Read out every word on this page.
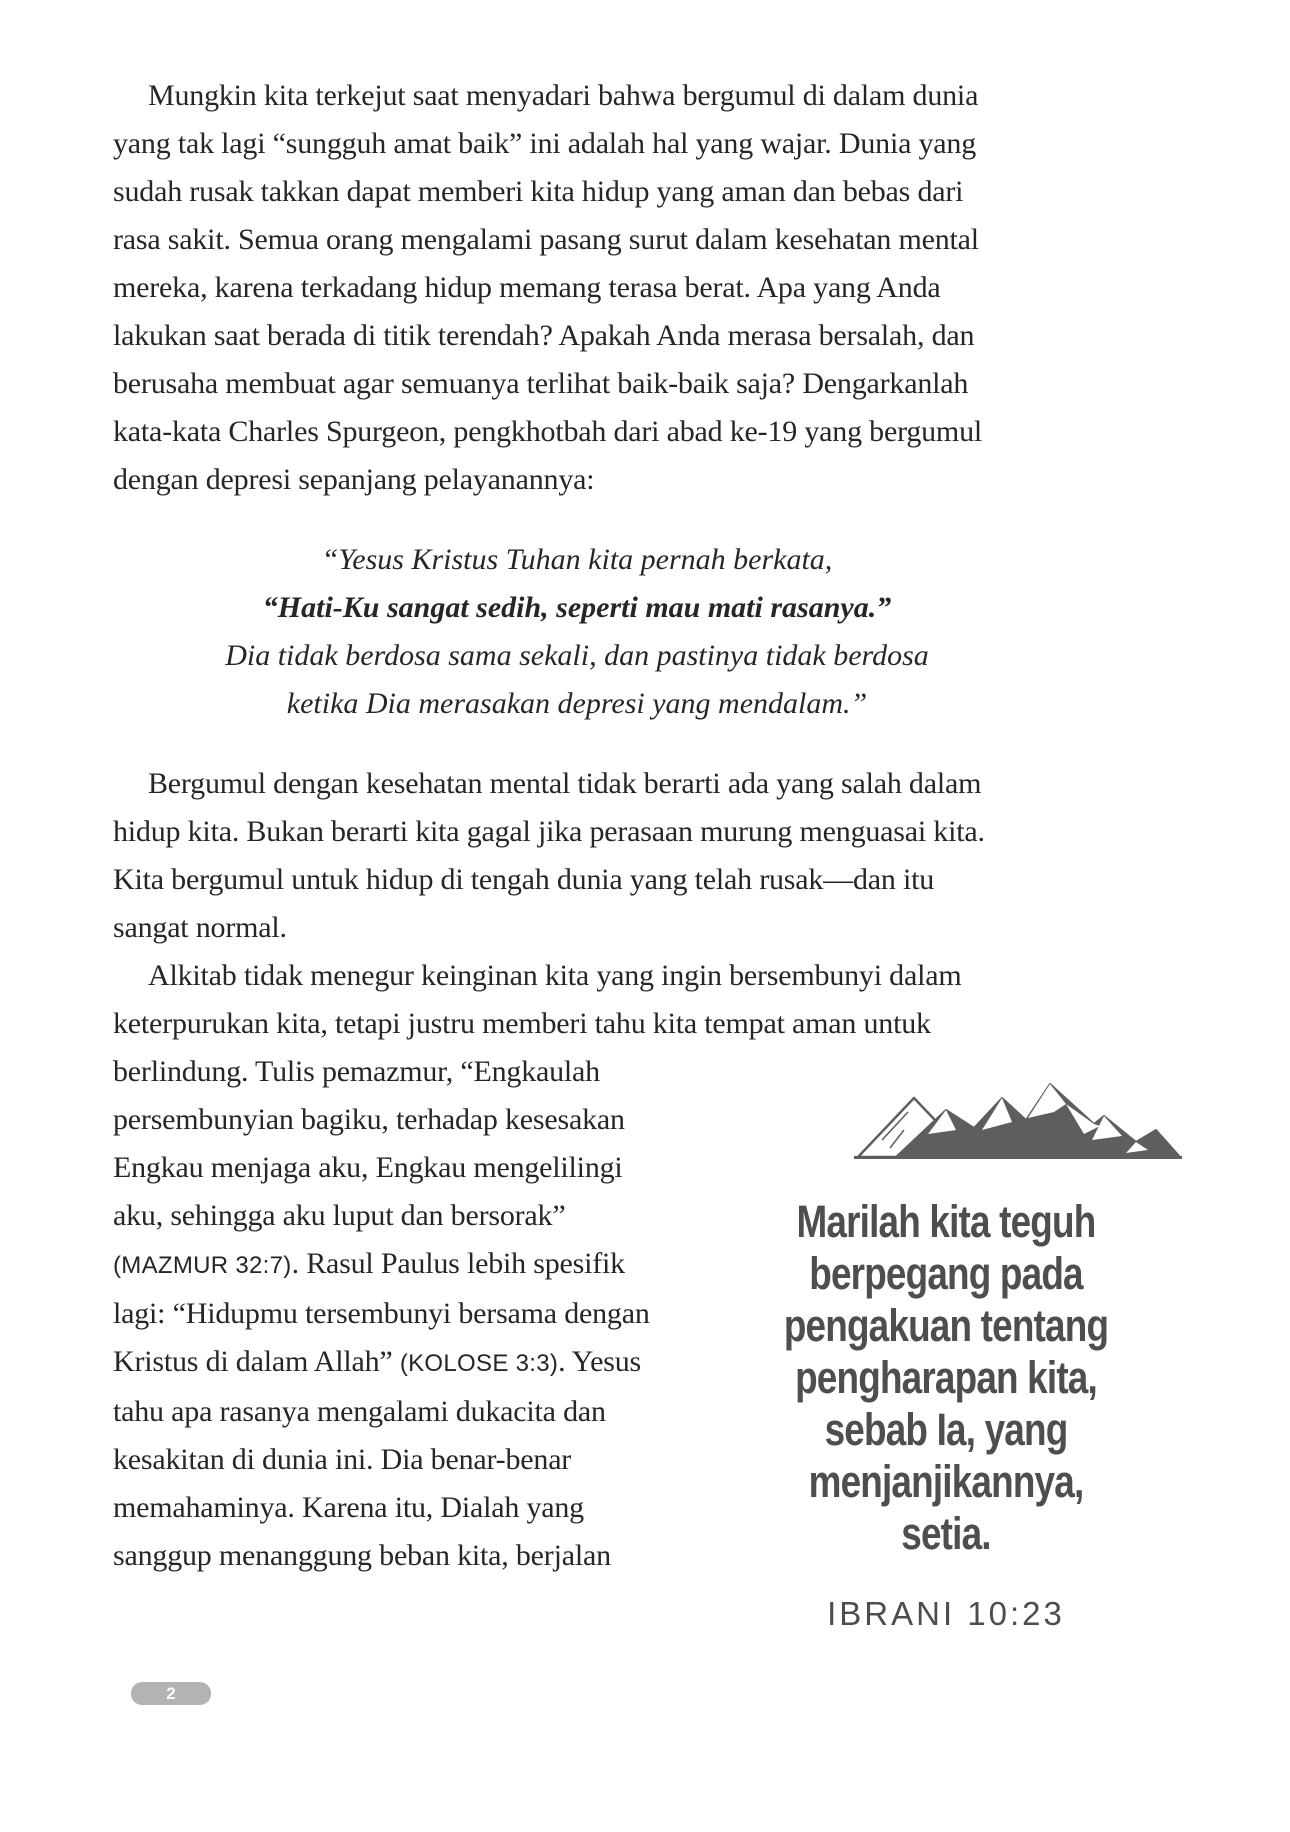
Mungkin kita terkejut saat menyadari bahwa bergumul di dalam dunia yang tak lagi “sungguh amat baik” ini adalah hal yang wajar. Dunia yang sudah rusak takkan dapat memberi kita hidup yang aman dan bebas dari rasa sakit. Semua orang mengalami pasang surut dalam kesehatan mental mereka, karena terkadang hidup memang terasa berat. Apa yang Anda lakukan saat berada di titik terendah? Apakah Anda merasa bersalah, dan berusaha membuat agar semuanya terlihat baik-baik saja? Dengarkanlah kata-kata Charles Spurgeon, pengkhotbah dari abad ke-19 yang bergumul dengan depresi sepanjang pelayanannya:
“Yesus Kristus Tuhan kita pernah berkata,
“Hati-Ku sangat sedih, seperti mau mati rasanya.”
Dia tidak berdosa sama sekali, dan pastinya tidak berdosa
ketika Dia merasakan depresi yang mendalam.”
Bergumul dengan kesehatan mental tidak berarti ada yang salah dalam hidup kita. Bukan berarti kita gagal jika perasaan murung menguasai kita. Kita bergumul untuk hidup di tengah dunia yang telah rusak—dan itu sangat normal.
Alkitab tidak menegur keinginan kita yang ingin bersembunyi dalam keterpurukan kita, tetapi justru memberi tahu kita tempat
Marilah kita teguh
berpegang pada
pengakuan tentang
pengharapan kita,
sebab Ia, yang
menjanjikannya,
setia.
IBRANI 10:23
aman untuk berlindung. Tulis pemazmur, “Engkaulah persembunyian bagiku, terhadap kesesakan Engkau menjaga aku, Engkau mengelilingi aku, sehingga aku luput dan bersorak” (MAZMUR 32:7). Rasul Paulus lebih spesifik lagi: “Hidupmu tersembunyi bersama dengan Kristus di dalam Allah” (KOLOSE 3:3). Yesus tahu apa rasanya mengalami dukacita dan kesakitan di dunia ini. Dia benar-benar memahaminya. Karena itu, Dialah yang sanggup menanggung beban kita, berjalan
2
